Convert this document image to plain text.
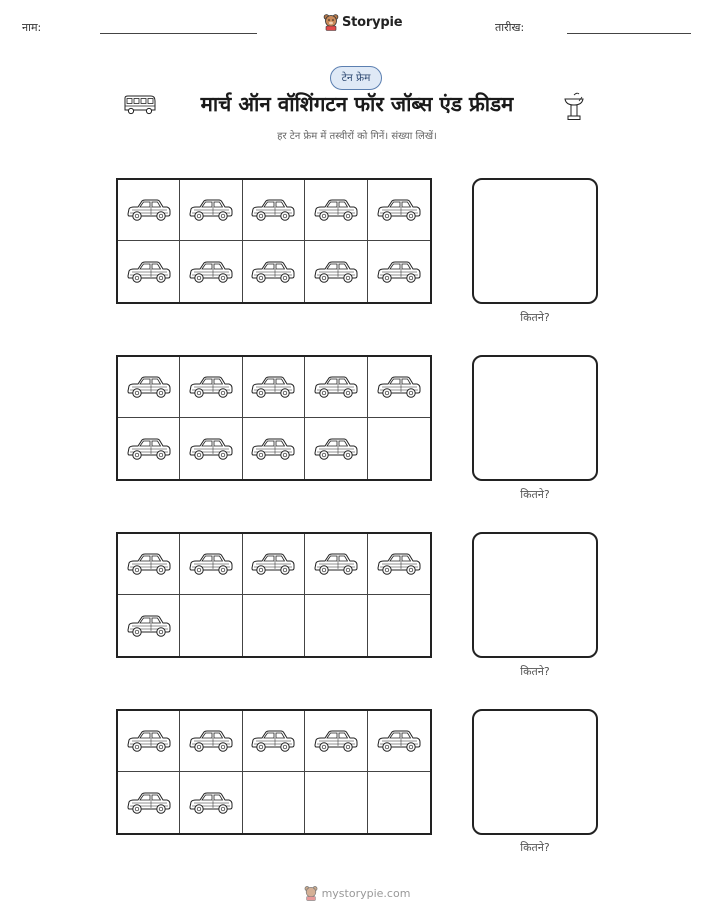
नाम:	Storypie	तारीख:
टेन फ्रेम
मार्च ऑन वॉशिंगटन फॉर जॉब्स एंड फ्रीडम
हर टेन फ्रेम में तस्वीरों को गिनें। संख्या लिखें।
कितने?
कितने?
कितने?
कितने?
mystorypie.com
